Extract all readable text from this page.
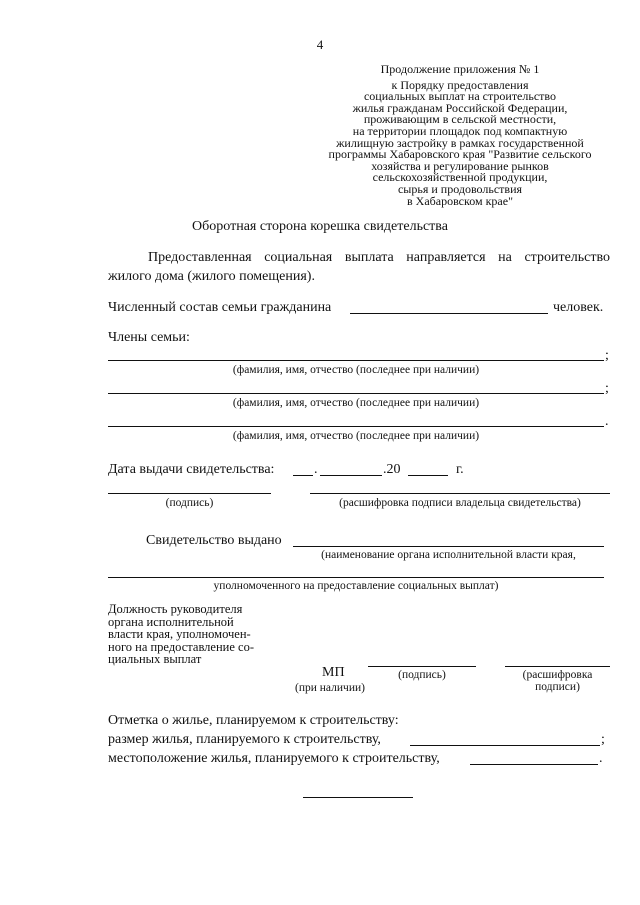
4
Продолжение приложения № 1
к Порядку предоставления
социальных выплат на строительство
жилья гражданам Российской Федерации,
проживающим в сельской местности,
на территории площадок под компактную
жилищную застройку в рамках государственной
программы Хабаровского края "Развитие сельского
хозяйства и регулирование рынков
сельскохозяйственной продукции,
сырья и продовольствия
в Хабаровском крае"
Оборотная сторона корешка свидетельства
Предоставленная социальная выплата направляется на строительство жилого дома (жилого помещения).
Численный состав семьи гражданина	человек.
Члены семьи:
;
(фамилия, имя, отчество (последнее при наличии)
;
(фамилия, имя, отчество (последнее при наличии)
.
(фамилия, имя, отчество (последнее при наличии)
Дата выдачи свидетельства:	.	.20	г.
(подпись)	(расшифровка подписи владельца свидетельства)
Свидетельство выдано
(наименование органа исполнительной власти края,
уполномоченного на предоставление социальных выплат)
Должность руководителя
органа исполнительной
власти края, уполномочен-
ного на предоставление со-
циальных выплат
МП
(при наличии)
(подпись)	(расшифровка
подписи)
Отметка о жилье, планируемом к строительству:
размер жилья, планируемого к строительству,	;
местоположение жилья, планируемого к строительству,	.
